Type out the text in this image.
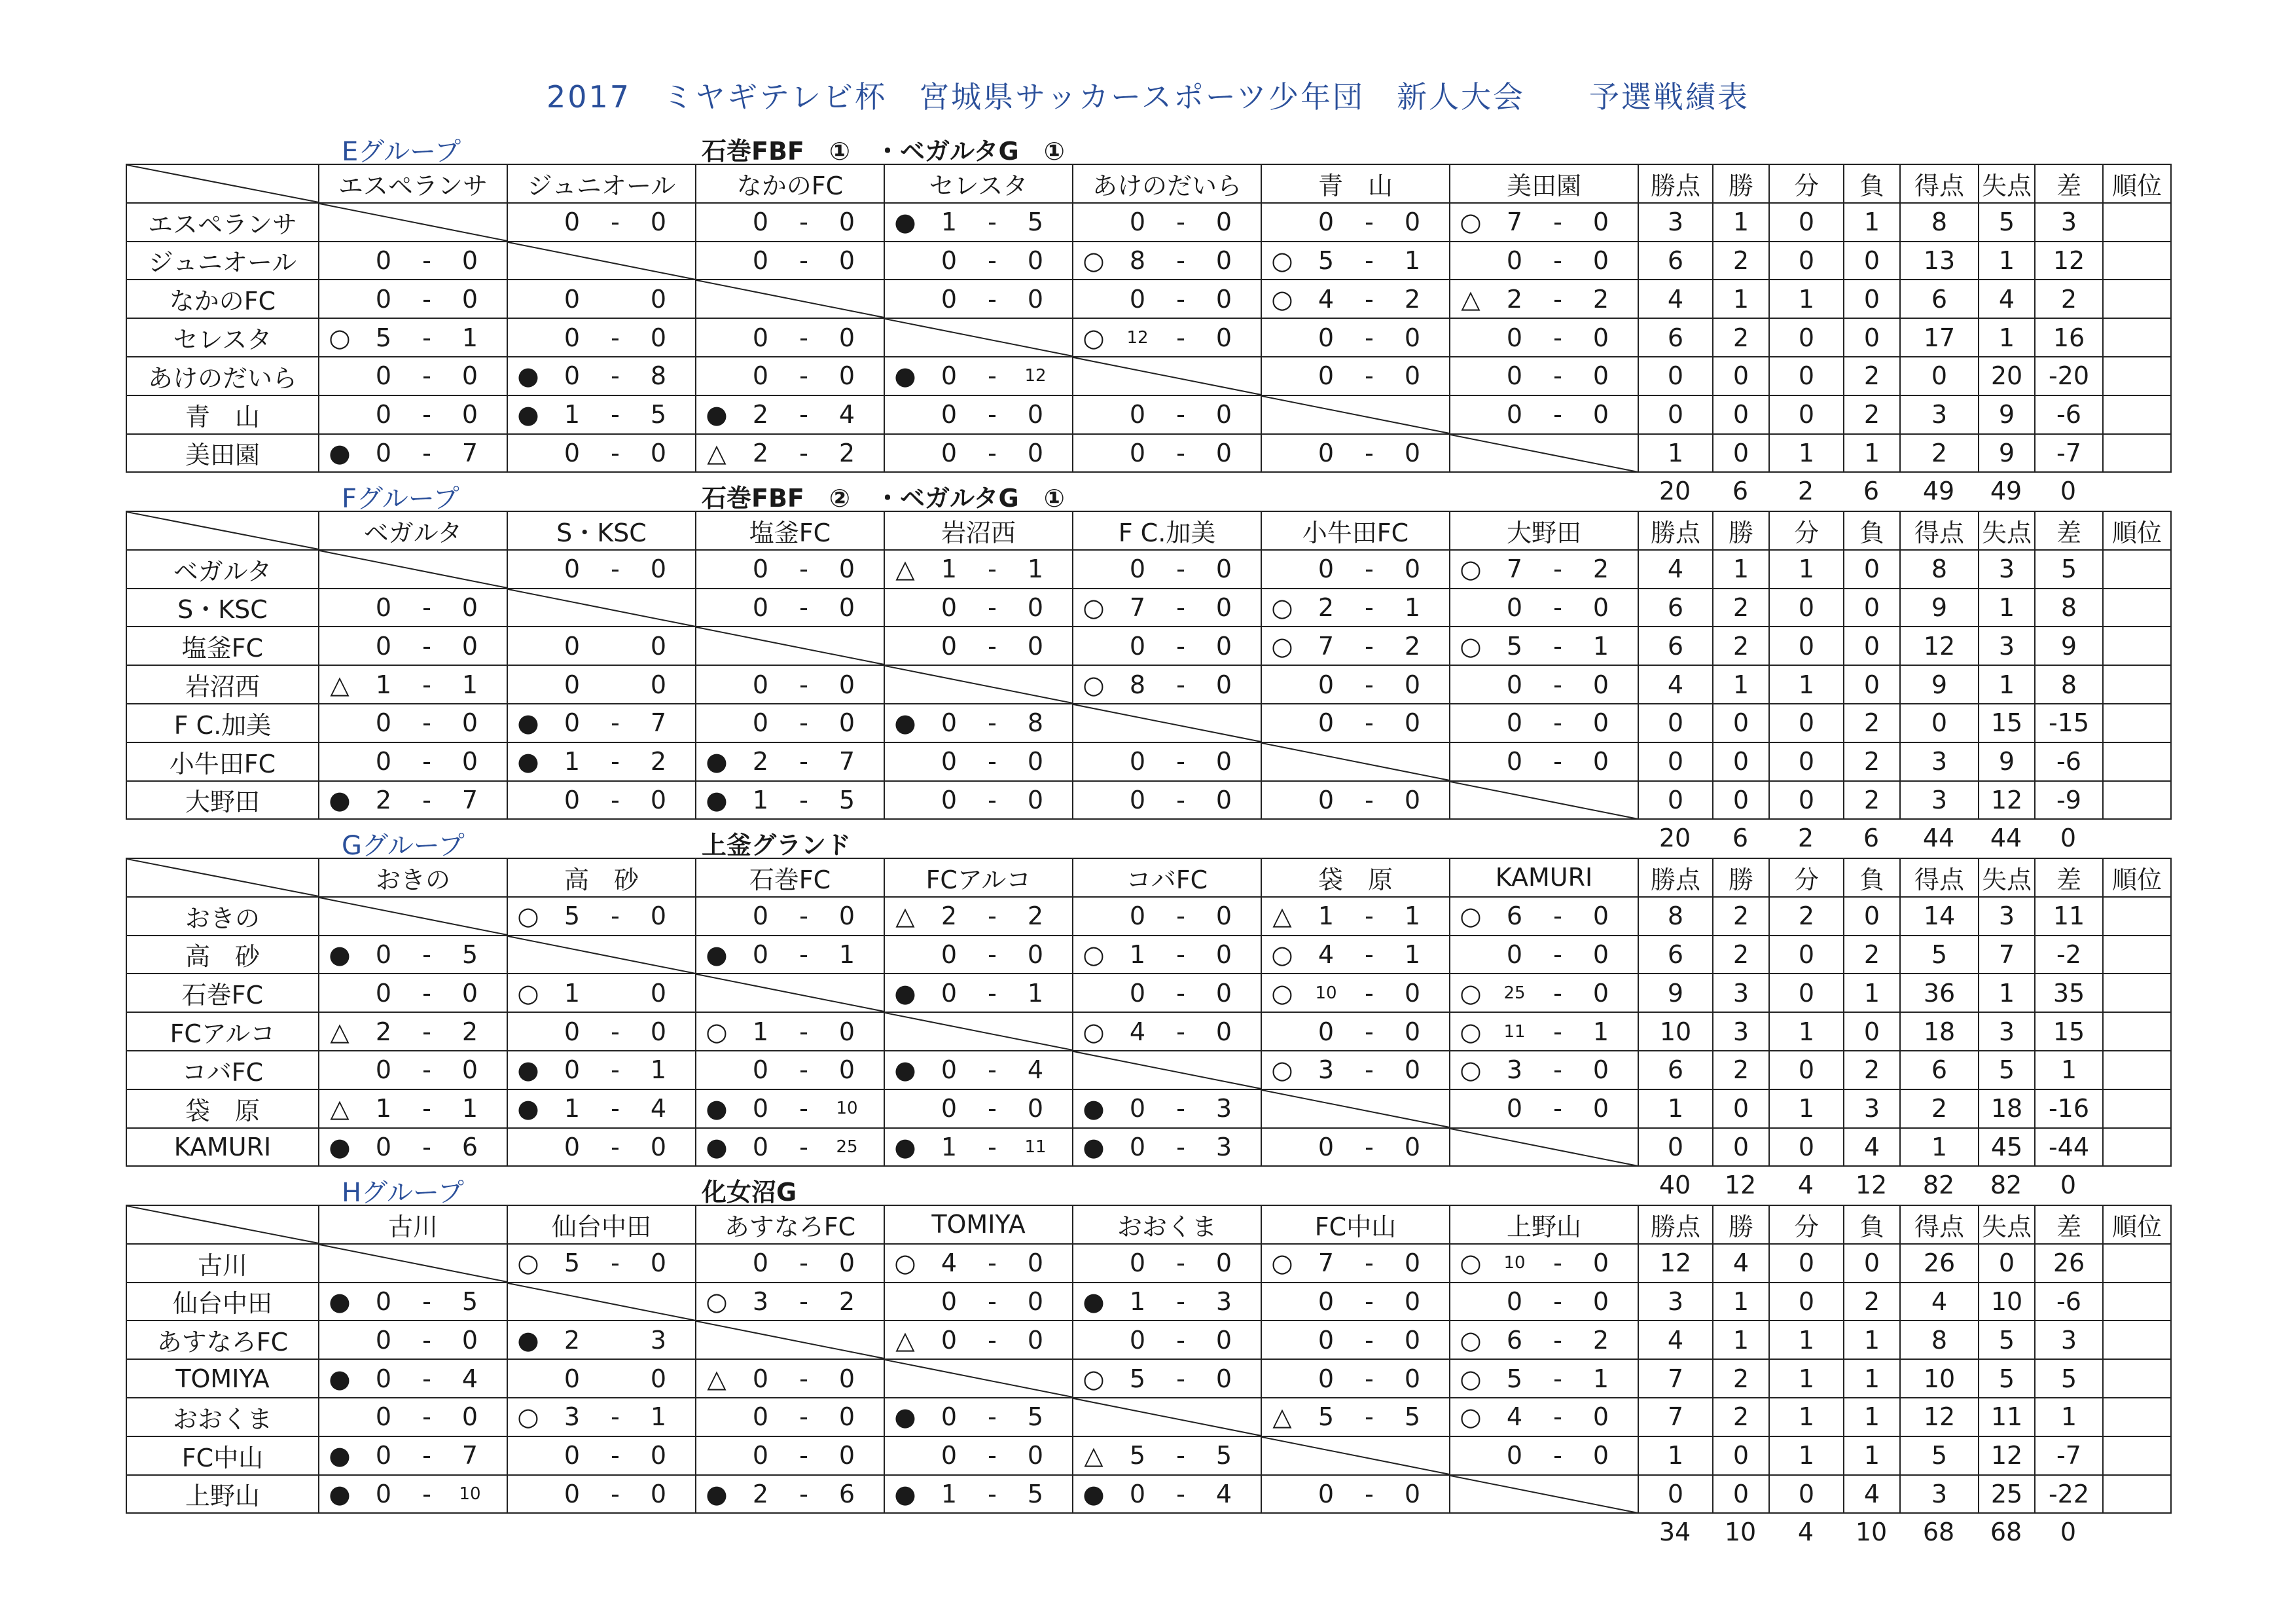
2017　ミヤギテレビ杯　宮城県サッカースポーツ少年団　新人大会　　予選戦績表
Eグループ	石巻FBF　①　・ベガルタG　①
	エスペランサ	ジュニオール	なかのFC	セレスタ	あけのだいら	青　山	美田園	勝点	勝	分	負	得点	失点	差	順位
エスペランサ		0 - 0	0 - 0	● 1 - 5	0 - 0	0 - 0	○ 7 - 0	3	1	0	1	8	5	3	
ジュニオール	0 - 0		0 - 0	0 - 0	○ 8 - 0	○ 5 - 1	0 - 0	6	2	0	0	13	1	12	
なかのFC	0 - 0	0 0		0 - 0	0 - 0	○ 4 - 2	△ 2 - 2	4	1	1	0	6	4	2	
セレスタ	○ 5 - 1	0 - 0	0 - 0		○ 12 - 0	0 - 0	0 - 0	6	2	0	0	17	1	16	
あけのだいら	0 - 0	● 0 - 8	0 - 0	● 0 - 12		0 - 0	0 - 0	0	0	0	2	0	20	-20	
青　山	0 - 0	● 1 - 5	● 2 - 4	0 - 0	0 - 0		0 - 0	0	0	0	2	3	9	-6	
美田園	● 0 - 7	0 - 0	△ 2 - 2	0 - 0	0 - 0	0 - 0		1	0	1	1	2	9	-7	
20	6	2	6	49	49	0
Fグループ	石巻FBF　②　・ベガルタG　①
	ベガルタ	S・KSC	塩釜FC	岩沼西	F C.加美	小牛田FC	大野田	勝点	勝	分	負	得点	失点	差	順位
ベガルタ		0 - 0	0 - 0	△ 1 - 1	0 - 0	0 - 0	○ 7 - 2	4	1	1	0	8	3	5	
S・KSC	0 - 0		0 - 0	0 - 0	○ 7 - 0	○ 2 - 1	0 - 0	6	2	0	0	9	1	8	
塩釜FC	0 - 0	0 0		0 - 0	0 - 0	○ 7 - 2	○ 5 - 1	6	2	0	0	12	3	9	
岩沼西	△ 1 - 1	0 0	0 - 0		○ 8 - 0	0 - 0	0 - 0	4	1	1	0	9	1	8	
F C.加美	0 - 0	● 0 - 7	0 - 0	● 0 - 8		0 - 0	0 - 0	0	0	0	2	0	15	-15	
小牛田FC	0 - 0	● 1 - 2	● 2 - 7	0 - 0	0 - 0		0 - 0	0	0	0	2	3	9	-6	
大野田	● 2 - 7	0 - 0	● 1 - 5	0 - 0	0 - 0	0 - 0		0	0	0	2	3	12	-9	
20	6	2	6	44	44	0
Gグループ	上釜グランド
	おきの	高　砂	石巻FC	FCアルコ	コバFC	袋　原	KAMURI	勝点	勝	分	負	得点	失点	差	順位
おきの		○ 5 - 0	0 - 0	△ 2 - 2	0 - 0	△ 1 - 1	○ 6 - 0	8	2	2	0	14	3	11	
高　砂	● 0 - 5		● 0 - 1	0 - 0	○ 1 - 0	○ 4 - 1	0 - 0	6	2	0	2	5	7	-2	
石巻FC	0 - 0	○ 1 0		● 0 - 1	0 - 0	○ 10 - 0	○ 25 - 0	9	3	0	1	36	1	35	
FCアルコ	△ 2 - 2	0 - 0	○ 1 - 0		○ 4 - 0	0 - 0	○ 11 - 1	10	3	1	0	18	3	15	
コバFC	0 - 0	● 0 - 1	0 - 0	● 0 - 4		○ 3 - 0	○ 3 - 0	6	2	0	2	6	5	1	
袋　原	△ 1 - 1	● 1 - 4	● 0 - 10	0 - 0	● 0 - 3		0 - 0	1	0	1	3	2	18	-16	
KAMURI	● 0 - 6	0 - 0	● 0 - 25	● 1 - 11	● 0 - 3	0 - 0		0	0	0	4	1	45	-44	
40	12	4	12	82	82	0
Hグループ	化女沼G
	古川	仙台中田	あすなろFC	TOMIYA	おおくま	FC中山	上野山	勝点	勝	分	負	得点	失点	差	順位
古川		○ 5 - 0	0 - 0	○ 4 - 0	0 - 0	○ 7 - 0	○ 10 - 0	12	4	0	0	26	0	26	
仙台中田	● 0 - 5		○ 3 - 2	0 - 0	● 1 - 3	0 - 0	0 - 0	3	1	0	2	4	10	-6	
あすなろFC	0 - 0	● 2 3		△ 0 - 0	0 - 0	0 - 0	○ 6 - 2	4	1	1	1	8	5	3	
TOMIYA	● 0 - 4	0 0	△ 0 - 0		○ 5 - 0	0 - 0	○ 5 - 1	7	2	1	1	10	5	5	
おおくま	0 - 0	○ 3 - 1	0 - 0	● 0 - 5		△ 5 - 5	○ 4 - 0	7	2	1	1	12	11	1	
FC中山	● 0 - 7	0 - 0	0 - 0	0 - 0	△ 5 - 5		0 - 0	1	0	1	1	5	12	-7	
上野山	● 0 - 10	0 - 0	● 2 - 6	● 1 - 5	● 0 - 4	0 - 0		0	0	0	4	3	25	-22	
34	10	4	10	68	68	0
